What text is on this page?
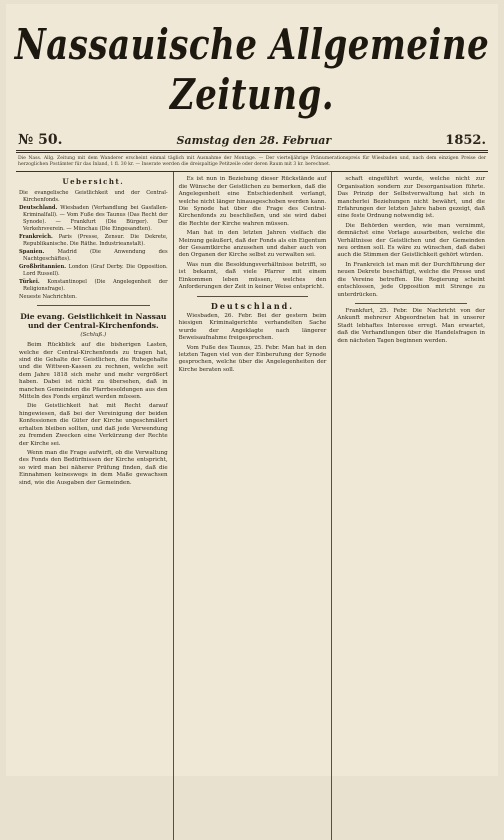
Nassauische Allgemeine Zeitung.
№ 50.	Samstag den 28. Februar	1852.
Die Nass. Allg. Zeitung mit dem Wanderer erscheint einmal täglich mit Ausnahme der Montage. — Der vierteljährige Pränumerationspreis für Wiesbaden und, nach dem einzigen Preise der herzoglichen Postämter für das Inland, 1 fl. 30 kr. — Inserate werden die dreispaltige Petitzeile oder deren Raum mit 3 kr. berechnet.
Uebersicht.

Die evangelische Geistlichkeit und der Central-Kirchenfonds.

Deutschland. Wiesbaden (Verhandlung bei Gasfallen-Kriminalfall). — Vom Fuße des Taunus (Das Recht der Synode). — Frankfurt (Die Bürger). Der Verkehrsverein. — Münchau (Die Eingesandten).

Frankreich. Paris (Presse, Zensur. Die Dekrete, Republikanische. Die Räthe. Industrieanstalt).

Spanien.	Madrid (Die Anwendung des Nachtgeschäftes).

Großbritannien. London (Graf Derby. Die Opposition. Lord Russell).

Türkei. Konstantinopel (Die Angelegenheit der Religionsfrage).

Neueste Nachrichten.

Die evang. Geistlichkeit in Nassau und der Central-Kirchenfonds.
(Schluß.)

Beim Rückblick auf die bisherigen Lasten, welche der Central-Kirchenfonds zu tragen hat, sind die Gehalte der Geistlichen, die Ruhegehalte und die Wittwen-Kassen zu rechnen, welche seit dem Jahre 1818 sich mehr und mehr vergrößert haben. Dabei ist nicht zu übersehen, daß in manchen Gemeinden die Pfarrbesoldungen aus den Mitteln des Fonds ergänzt werden müssen.

Die Geistlichkeit hat mit Recht darauf hingewiesen, daß bei der Vereinigung der beiden Konfessionen die Güter der Kirche ungeschmälert erhalten bleiben sollten, und daß jede Verwendung zu fremden Zwecken eine Verkürzung der Rechte der Kirche sei.

Wenn man die Frage aufwirft, ob die Verwaltung des Fonds den Bedürfnissen der Kirche entspricht, so wird man bei näherer Prüfung finden, daß die Einnahmen keineswegs in dem Maße gewachsen sind, wie die Ausgaben der Gemeinden.

Es ist nun in Beziehung dieser Rückstände auf die Wünsche der Geistlichen zu bemerken, daß die Angelegenheit eine Entschiedenheit verlangt, welche nicht länger hinausgeschoben werden kann. Die Synode hat über die Frage des Central-Kirchenfonds zu beschließen, und sie wird dabei die Rechte der Kirche wahren müssen.

Man hat in den letzten Jahren vielfach die Meinung geäußert, daß der Fonds als ein Eigentum der Gesamtkirche anzusehen und daher auch von den Organen der Kirche selbst zu verwalten sei.

Was nun die Besoldungsverhältnisse betrifft, so ist bekannt, daß viele Pfarrer mit einem Einkommen leben müssen, welches den Anforderungen der Zeit in keiner Weise entspricht.

Deutschland.

Wiesbaden, 26. Febr. Bei der gestern beim hiesigen Kriminalgerichte verhandelten Sache wurde der Angeklagte nach längerer Beweisaufnahme freigesprochen.

Vom Fuße des Taunus, 25. Febr. Man hat in den letzten Tagen viel von der Einberufung der Synode gesprochen, welche über die Angelegenheiten der Kirche beraten soll.

schaft eingeführt wurde, welche nicht zur Organisation sondern zur Desorganisation führte. Das Prinzip der Selbstverwaltung hat sich in mancherlei Beziehungen nicht bewährt, und die Erfahrungen der letzten Jahre haben gezeigt, daß eine feste Ordnung notwendig ist.

Die Behörden werden, wie man vernimmt, demnächst eine Vorlage ausarbeiten, welche die Verhältnisse der Geistlichen und der Gemeinden neu ordnen soll. Es wäre zu wünschen, daß dabei auch die Stimmen der Geistlichkeit gehört würden.

In Frankreich ist man mit der Durchführung der neuen Dekrete beschäftigt, welche die Presse und die Vereine betreffen. Die Regierung scheint entschlossen, jede Opposition mit Strenge zu unterdrücken.

Frankfurt, 25. Febr. Die Nachricht von der Ankunft mehrerer Abgeordneten hat in unserer Stadt lebhaftes Interesse erregt. Man erwartet, daß die Verhandlungen über die Handelsfragen in den nächsten Tagen beginnen werden.
